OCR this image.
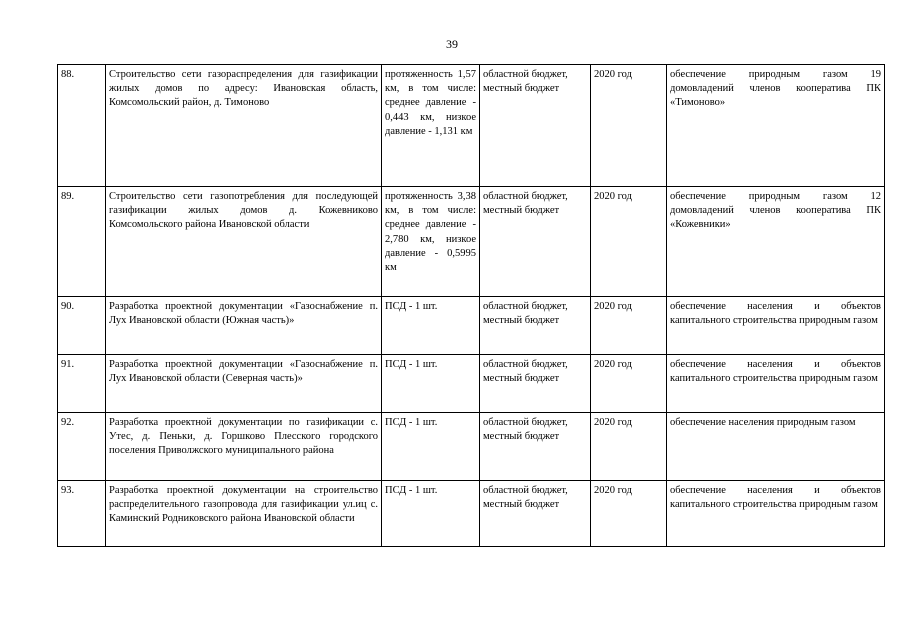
39
88.	Строительство сети газораспределения для газификации жилых домов по адресу: Ивановская область, Комсомольский район, д. Тимоново	протяженность 1,57 км, в том числе: среднее давление - 0,443 км, низкое давление - 1,131 км	областной бюджет, местный бюджет	2020 год	обеспечение природным газом 19 домовладений членов кооператива ПК «Тимоново»
89.	Строительство сети газопотребления для последующей газификации жилых домов д. Кожевниково Комсомольского района Ивановской области	протяженность 3,38 км, в том числе: среднее давление - 2,780 км, низкое давление - 0,5995 км	областной бюджет, местный бюджет	2020 год	обеспечение природным газом 12 домовладений членов кооператива ПК «Кожевники»
90.	Разработка проектной документации «Газоснабжение п. Лух Ивановской области (Южная часть)»	ПСД - 1 шт.	областной бюджет, местный бюджет	2020 год	обеспечение населения и объектов капитального строительства природным газом
91.	Разработка проектной документации «Газоснабжение п. Лух Ивановской области (Северная часть)»	ПСД - 1 шт.	областной бюджет, местный бюджет	2020 год	обеспечение населения и объектов капитального строительства природным газом
92.	Разработка проектной документации по газификации с. Утес, д. Пеньки, д. Горшково Плесского городского поселения Приволжского муниципального района	ПСД - 1 шт.	областной бюджет, местный бюджет	2020 год	обеспечение населения природным газом
93.	Разработка проектной документации на строительство распределительного газопровода для газификации ул.иц с. Каминский Родниковского района Ивановской области	ПСД - 1 шт.	областной бюджет, местный бюджет	2020 год	обеспечение населения и объектов капитального строительства природным газом
